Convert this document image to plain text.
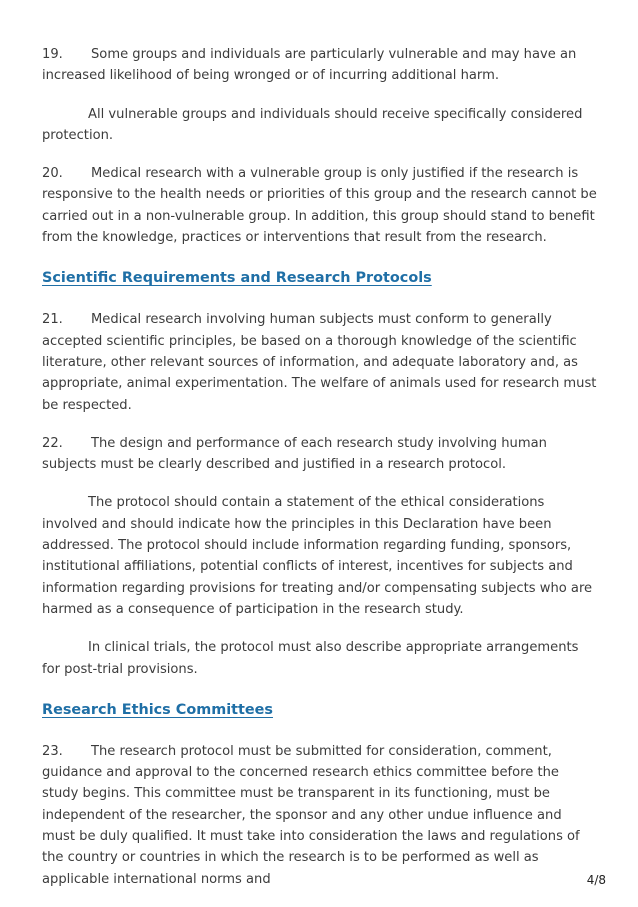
19. Some groups and individuals are particularly vulnerable and may have an increased likelihood of being wronged or of incurring additional harm.

All vulnerable groups and individuals should receive specifically considered protection.

20. Medical research with a vulnerable group is only justified if the research is responsive to the health needs or priorities of this group and the research cannot be carried out in a non-vulnerable group. In addition, this group should stand to benefit from the knowledge, practices or interventions that result from the research.

Scientific Requirements and Research Protocols

21. Medical research involving human subjects must conform to generally accepted scientific principles, be based on a thorough knowledge of the scientific literature, other relevant sources of information, and adequate laboratory and, as appropriate, animal experimentation. The welfare of animals used for research must be respected.

22. The design and performance of each research study involving human subjects must be clearly described and justified in a research protocol.

The protocol should contain a statement of the ethical considerations involved and should indicate how the principles in this Declaration have been addressed. The protocol should include information regarding funding, sponsors, institutional affiliations, potential conflicts of interest, incentives for subjects and information regarding provisions for treating and/or compensating subjects who are harmed as a consequence of participation in the research study.

In clinical trials, the protocol must also describe appropriate arrangements for post-trial provisions.

Research Ethics Committees

23. The research protocol must be submitted for consideration, comment, guidance and approval to the concerned research ethics committee before the study begins. This committee must be transparent in its functioning, must be independent of the researcher, the sponsor and any other undue influence and must be duly qualified. It must take into consideration the laws and regulations of the country or countries in which the research is to be performed as well as applicable international norms and	4/8
